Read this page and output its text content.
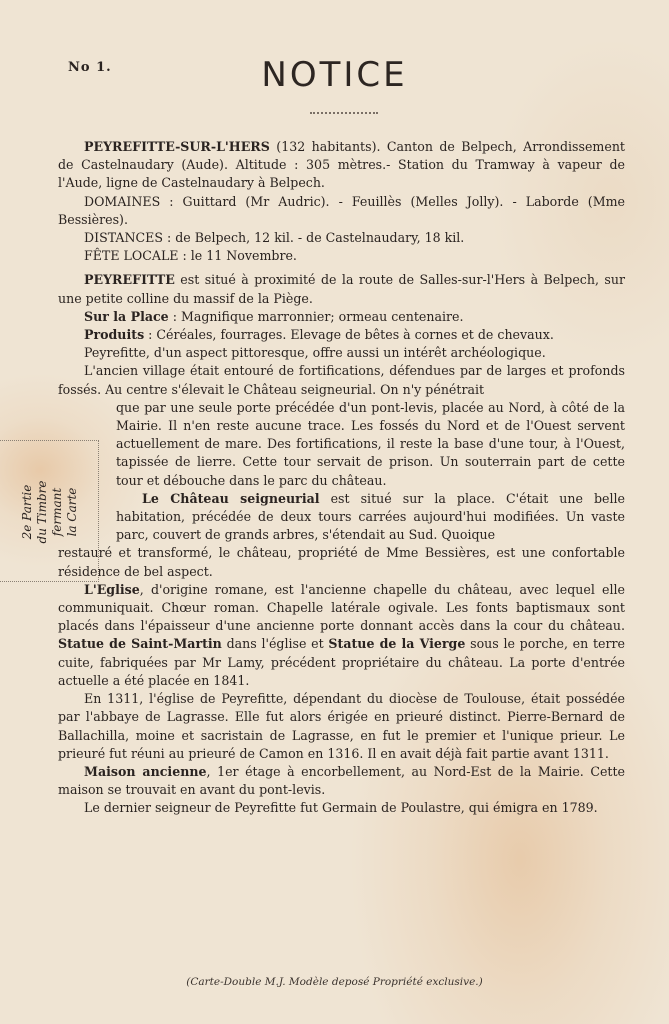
No 1.	NOTICE
2e Partie du Timbre fermant la Carte

PEYREFITTE-SUR-L'HERS (132 habitants). Canton de Belpech, Arrondissement de Castelnaudary (Aude). Altitude : 305 mètres.- Station du Tramway à vapeur de l'Aude, ligne de Castelnaudary à Belpech.

DOMAINES : Guittard (Mr Audric). - Feuillès (Melles Jolly). - Laborde (Mme Bessières).

DISTANCES : de Belpech, 12 kil. - de Castelnaudary, 18 kil.

FÊTE LOCALE : le 11 Novembre.

PEYREFITTE est situé à proximité de la route de Salles-sur-l'Hers à Belpech, sur une petite colline du massif de la Piège.

Sur la Place : Magnifique marronnier; ormeau centenaire.

Produits : Céréales, fourrages. Elevage de bêtes à cornes et de chevaux.

Peyrefitte, d'un aspect pittoresque, offre aussi un intérêt archéologique.

L'ancien village était entouré de fortifications, défendues par de larges et profonds fossés. Au centre s'élevait le Château seigneurial. On n'y pénétrait

que par une seule porte précédée d'un pont-levis, placée au Nord, à côté de la Mairie. Il n'en reste aucune trace. Les fossés du Nord et de l'Ouest servent actuellement de mare. Des fortifications, il reste la base d'une tour, à l'Ouest, tapissée de lierre. Cette tour servait de prison. Un souterrain part de cette tour et débouche dans le parc du château.

Le Château seigneurial est situé sur la place. C'était une belle habitation, précédée de deux tours carrées aujourd'hui modifiées. Un vaste parc, couvert de grands arbres, s'étendait au Sud. Quoique

restauré et transformé, le château, propriété de Mme Bessières, est une confortable résidence de bel aspect.

L'Eglise, d'origine romane, est l'ancienne chapelle du château, avec lequel elle communiquait. Chœur roman. Chapelle latérale ogivale. Les fonts baptismaux sont placés dans l'épaisseur d'une ancienne porte donnant accès dans la cour du château. Statue de Saint-Martin dans l'église et Statue de la Vierge sous le porche, en terre cuite, fabriquées par Mr Lamy, précédent propriétaire du château. La porte d'entrée actuelle a été placée en 1841.

En 1311, l'église de Peyrefitte, dépendant du diocèse de Toulouse, était possédée par l'abbaye de Lagrasse. Elle fut alors érigée en prieuré distinct. Pierre-Bernard de Ballachilla, moine et sacristain de Lagrasse, en fut le premier et l'unique prieur. Le prieuré fut réuni au prieuré de Camon en 1316. Il en avait déjà fait partie avant 1311.

Maison ancienne, 1er étage à encorbellement, au Nord-Est de la Mairie. Cette maison se trouvait en avant du pont-levis.

Le dernier seigneur de Peyrefitte fut Germain de Poulastre, qui émigra en 1789.

(Carte-Double M.J. Modèle deposé Propriété exclusive.)
